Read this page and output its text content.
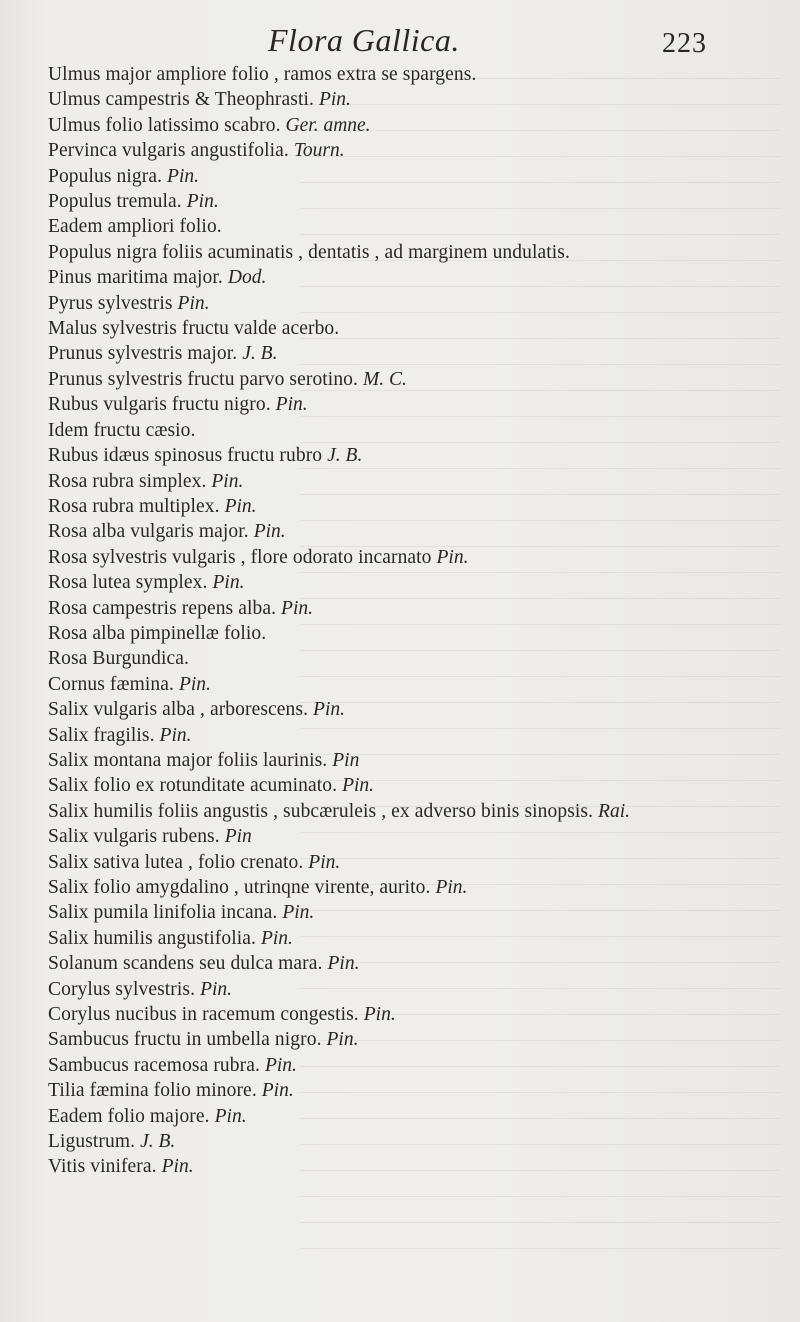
Flora Gallica.	223
Ulmus major ampliore folio , ramos extra se spargens.
Ulmus campestris & Theophrasti. Pin.
Ulmus folio latissimo scabro. Ger. amne.
Pervinca vulgaris angustifolia. Tourn.
Populus nigra. Pin.
Populus tremula. Pin.
Eadem ampliori folio.
Populus nigra foliis acuminatis , dentatis , ad marginem undulatis.
Pinus maritima major. Dod.
Pyrus sylvestris Pin.
Malus sylvestris fructu valde acerbo.
Prunus sylvestris major. J. B.
Prunus sylvestris fructu parvo serotino. M. C.
Rubus vulgaris fructu nigro. Pin.
Idem fructu cæsio.
Rubus idæus spinosus fructu rubro J. B.
Rosa rubra simplex. Pin.
Rosa rubra multiplex. Pin.
Rosa alba vulgaris major. Pin.
Rosa sylvestris vulgaris , flore odorato incarnato Pin.
Rosa lutea symplex. Pin.
Rosa campestris repens alba. Pin.
Rosa alba pimpinellæ folio.
Rosa Burgundica.
Cornus fæmina. Pin.
Salix vulgaris alba , arborescens. Pin.
Salix fragilis. Pin.
Salix montana major foliis laurinis. Pin
Salix folio ex rotunditate acuminato. Pin.
Salix humilis foliis angustis , subcæruleis , ex adverso binis sinopsis. Rai.
Salix vulgaris rubens. Pin
Salix sativa lutea , folio crenato. Pin.
Salix folio amygdalino , utrinqne virente, aurito. Pin.
Salix pumila linifolia incana. Pin.
Salix humilis angustifolia. Pin.
Solanum scandens seu dulca mara. Pin.
Corylus sylvestris. Pin.
Corylus nucibus in racemum congestis. Pin.
Sambucus fructu in umbella nigro. Pin.
Sambucus racemosa rubra. Pin.
Tilia fæmina folio minore. Pin.
Eadem folio majore. Pin.
Ligustrum. J. B.
Vitis vinifera. Pin.
